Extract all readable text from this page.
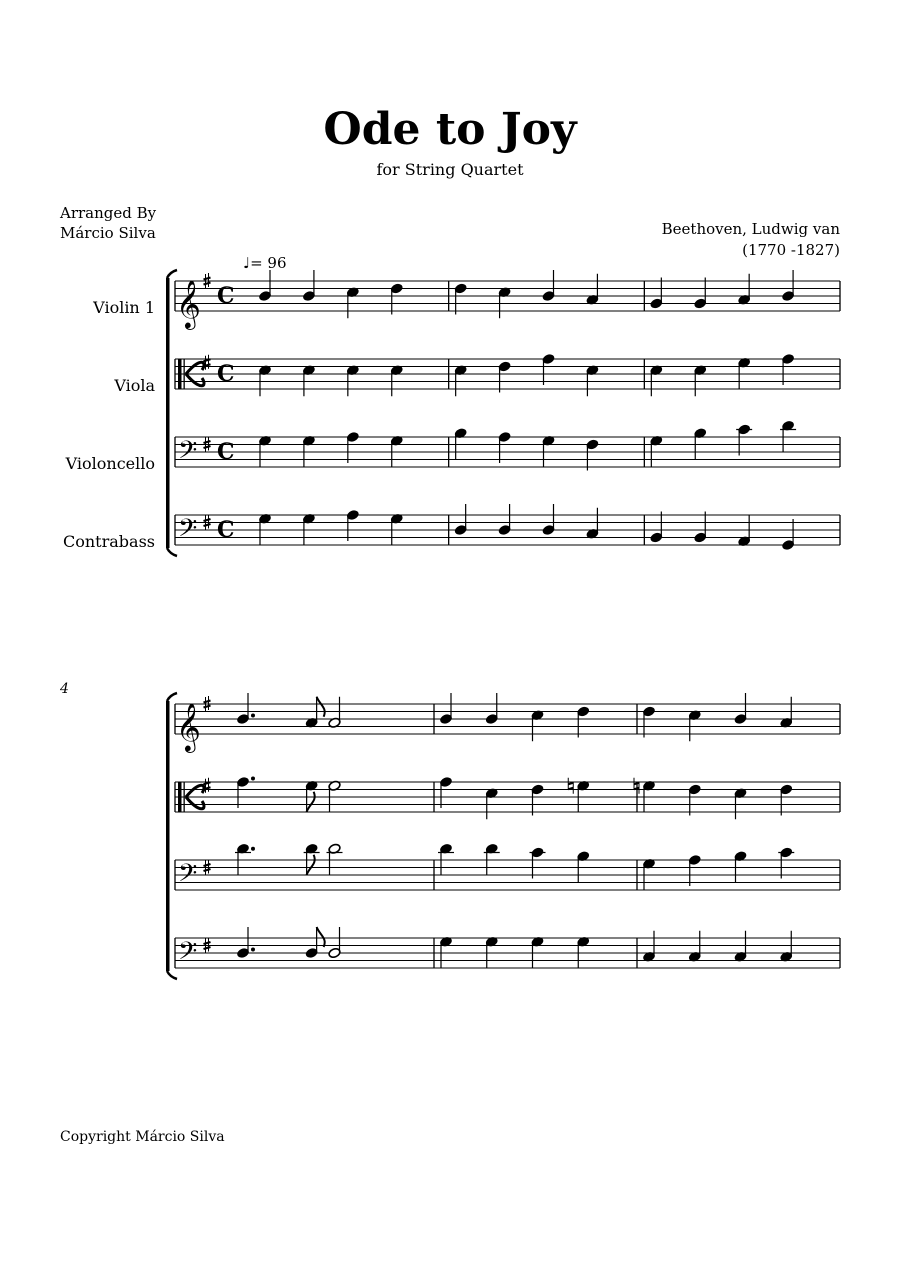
Ode to Joy
for String Quartet
Arranged By
Márcio Silva	Beethoven, Ludwig van
(1770 -1827)
♩= 96
Violin 1
Viola
Violoncello
Contrabass
4
Copyright Márcio Silva
𝄞 C
C
𝄢 C
𝄢 C
𝄞
𝄢
𝄢
